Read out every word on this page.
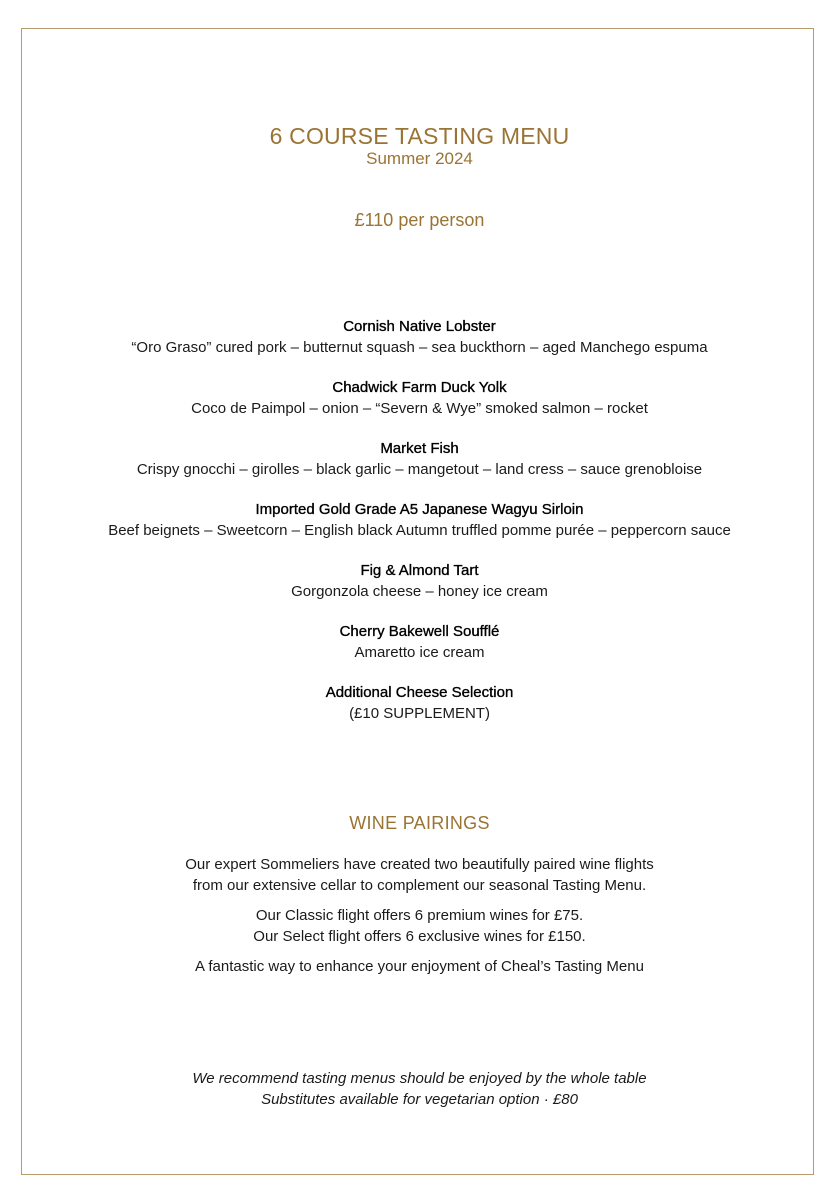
6 COURSE TASTING MENU
Summer 2024
£110 per person
Cornish Native Lobster
“Oro Graso” cured pork – butternut squash – sea buckthorn – aged Manchego espuma
Chadwick Farm Duck Yolk
Coco de Paimpol – onion – “Severn & Wye” smoked salmon – rocket
Market Fish
Crispy gnocchi – girolles – black garlic – mangetout – land cress – sauce grenobloise
Imported Gold Grade A5 Japanese Wagyu Sirloin
Beef beignets – Sweetcorn – English black Autumn truffled pomme purée – peppercorn sauce
Fig & Almond Tart
Gorgonzola cheese – honey ice cream
Cherry Bakewell Soufflé
Amaretto ice cream
Additional Cheese Selection
(£10 SUPPLEMENT)
WINE PAIRINGS
Our expert Sommeliers have created two beautifully paired wine flights
from our extensive cellar to complement our seasonal Tasting Menu.
Our Classic flight offers 6 premium wines for £75.
Our Select flight offers 6 exclusive wines for £150.
A fantastic way to enhance your enjoyment of Cheal’s Tasting Menu
We recommend tasting menus should be enjoyed by the whole table
Substitutes available for vegetarian option · £80
